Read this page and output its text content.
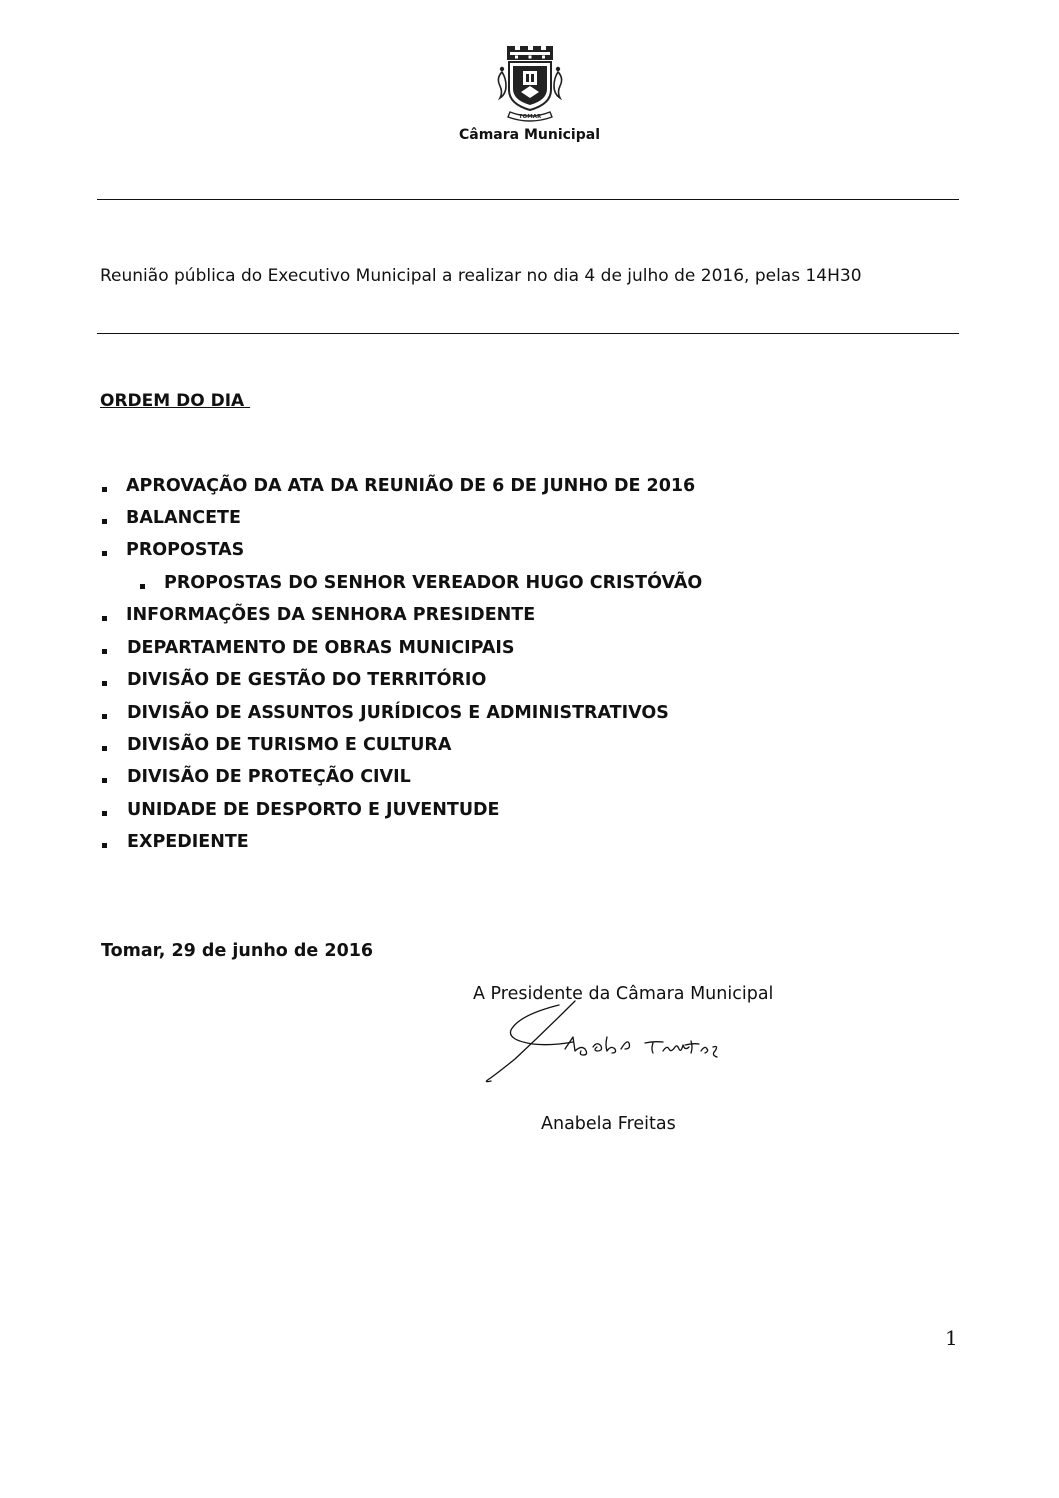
TOMAR
Câmara Municipal
Reunião pública do Executivo Municipal a realizar no dia 4 de julho de 2016, pelas 14H30
ORDEM DO DIA
APROVAÇÃO DA ATA DA REUNIÃO DE 6 DE JUNHO DE 2016
BALANCETE
PROPOSTAS
PROPOSTAS DO SENHOR VEREADOR HUGO CRISTÓVÃO
INFORMAÇÕES DA SENHORA PRESIDENTE
DEPARTAMENTO DE OBRAS MUNICIPAIS
DIVISÃO DE GESTÃO DO TERRITÓRIO
DIVISÃO DE ASSUNTOS JURÍDICOS E ADMINISTRATIVOS
DIVISÃO DE TURISMO E CULTURA
DIVISÃO DE PROTEÇÃO CIVIL
UNIDADE DE DESPORTO E JUVENTUDE
EXPEDIENTE
Tomar, 29 de junho de 2016
A Presidente da Câmara Municipal
Anabela Freitas
1
